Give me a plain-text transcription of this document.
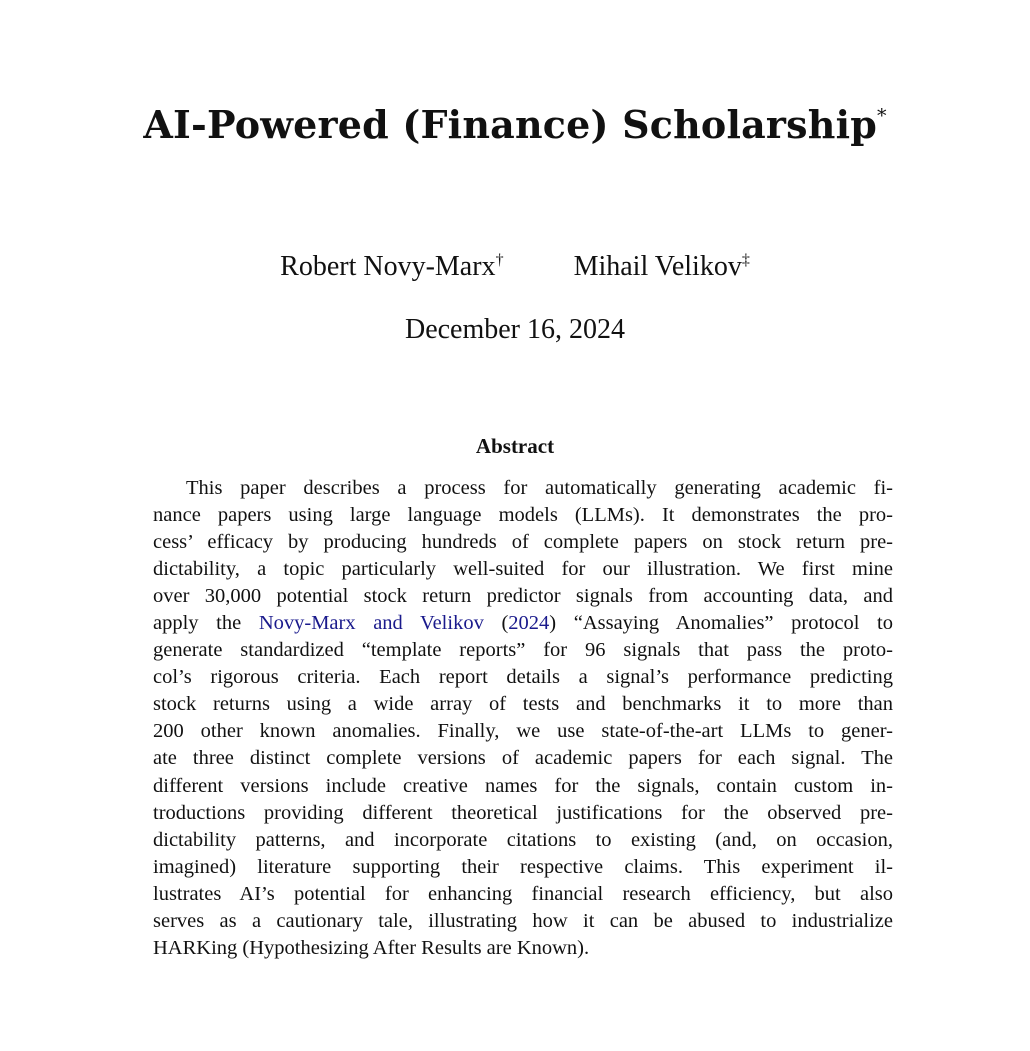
AI-Powered (Finance) Scholarship*
Robert Novy-Marx†	Mihail Velikov‡
December 16, 2024
Abstract
This paper describes a process for automatically generating academic fi-
nance papers using large language models (LLMs). It demonstrates the pro-
cess’ efficacy by producing hundreds of complete papers on stock return pre-
dictability, a topic particularly well-suited for our illustration. We first mine
over 30,000 potential stock return predictor signals from accounting data, and
apply the Novy-Marx and Velikov (2024) “Assaying Anomalies” protocol to
generate standardized “template reports” for 96 signals that pass the proto-
col’s rigorous criteria. Each report details a signal’s performance predicting
stock returns using a wide array of tests and benchmarks it to more than
200 other known anomalies. Finally, we use state-of-the-art LLMs to gener-
ate three distinct complete versions of academic papers for each signal. The
different versions include creative names for the signals, contain custom in-
troductions providing different theoretical justifications for the observed pre-
dictability patterns, and incorporate citations to existing (and, on occasion,
imagined) literature supporting their respective claims. This experiment il-
lustrates AI’s potential for enhancing financial research efficiency, but also
serves as a cautionary tale, illustrating how it can be abused to industrialize
HARKing (Hypothesizing After Results are Known).
